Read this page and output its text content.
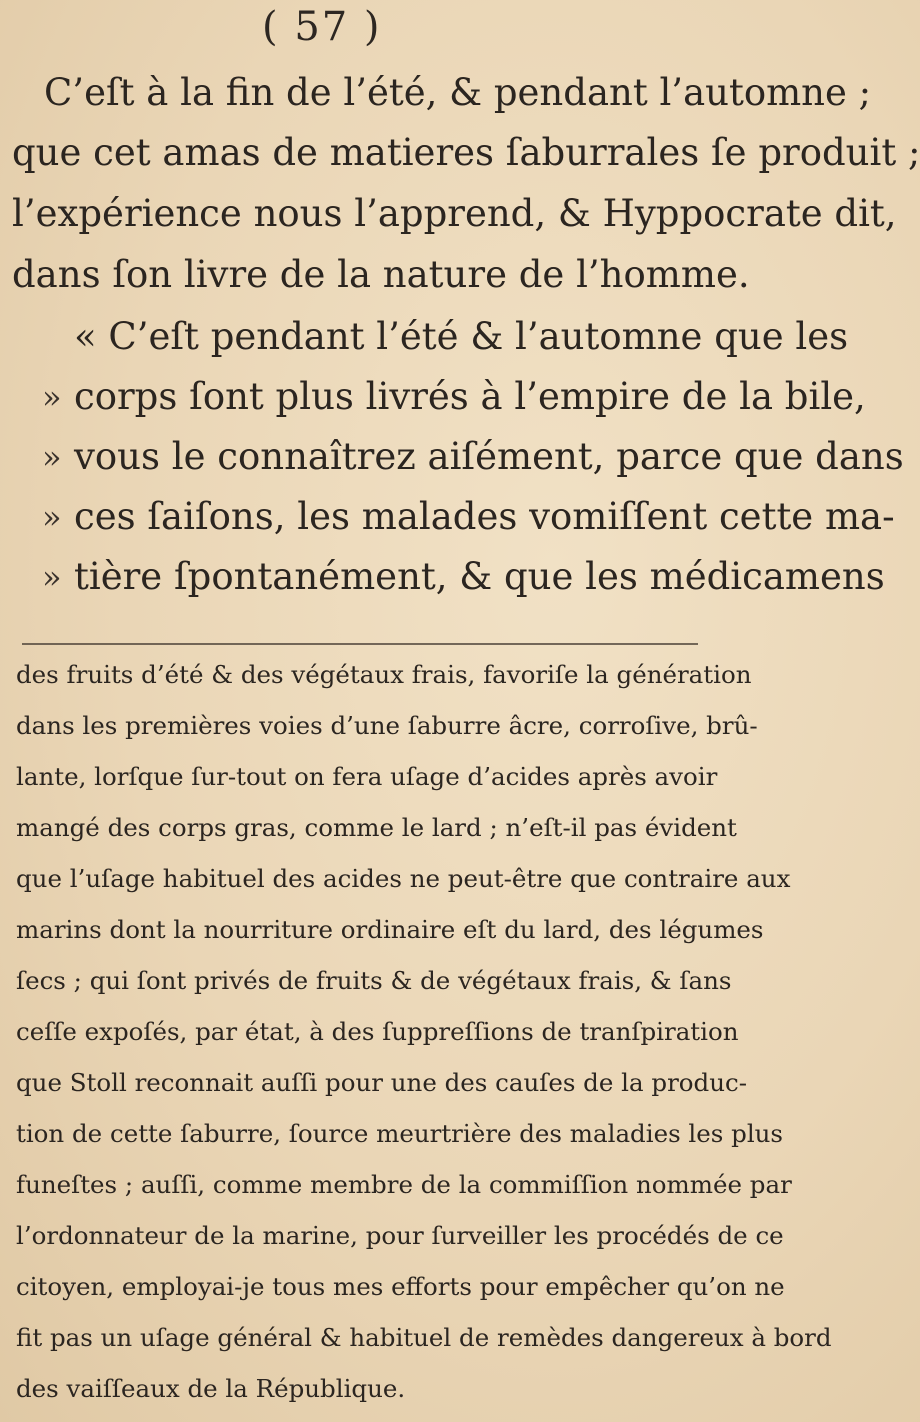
( 57 )
C’eſt à la fin de l’été, & pendant l’automne ;
que cet amas de matieres ſaburrales ſe produit ;
l’expérience nous l’apprend, & Hyppocrate dit,
dans ſon livre de la nature de l’homme.
« C’eſt pendant l’été & l’automne que les
» corps ſont plus livrés à l’empire de la bile,
» vous le connaîtrez aiſément, parce que dans
» ces ſaiſons, les malades vomiſſent cette ma-
» tière ſpontanément, & que les médicamens
des fruits d’été & des végétaux frais, favoriſe la génération
dans les premières voies d’une ſaburre âcre, corroſive, brû-
lante, lorſque ſur-tout on fera uſage d’acides après avoir
mangé des corps gras, comme le lard ; n’eſt-il pas évident
que l’uſage habituel des acides ne peut-être que contraire aux
marins dont la nourriture ordinaire eſt du lard, des légumes
ſecs ; qui ſont privés de fruits & de végétaux frais, & ſans
ceſſe expoſés, par état, à des ſuppreſſions de tranſpiration
que Stoll reconnait auſſi pour une des cauſes de la produc-
tion de cette ſaburre, ſource meurtrière des maladies les plus
funeſtes ; auſſi, comme membre de la commiſſion nommée par
l’ordonnateur de la marine, pour ſurveiller les procédés de ce
citoyen, employai-je tous mes efforts pour empêcher qu’on ne
fit pas un uſage général & habituel de remèdes dangereux à bord
des vaiſſeaux de la République.
